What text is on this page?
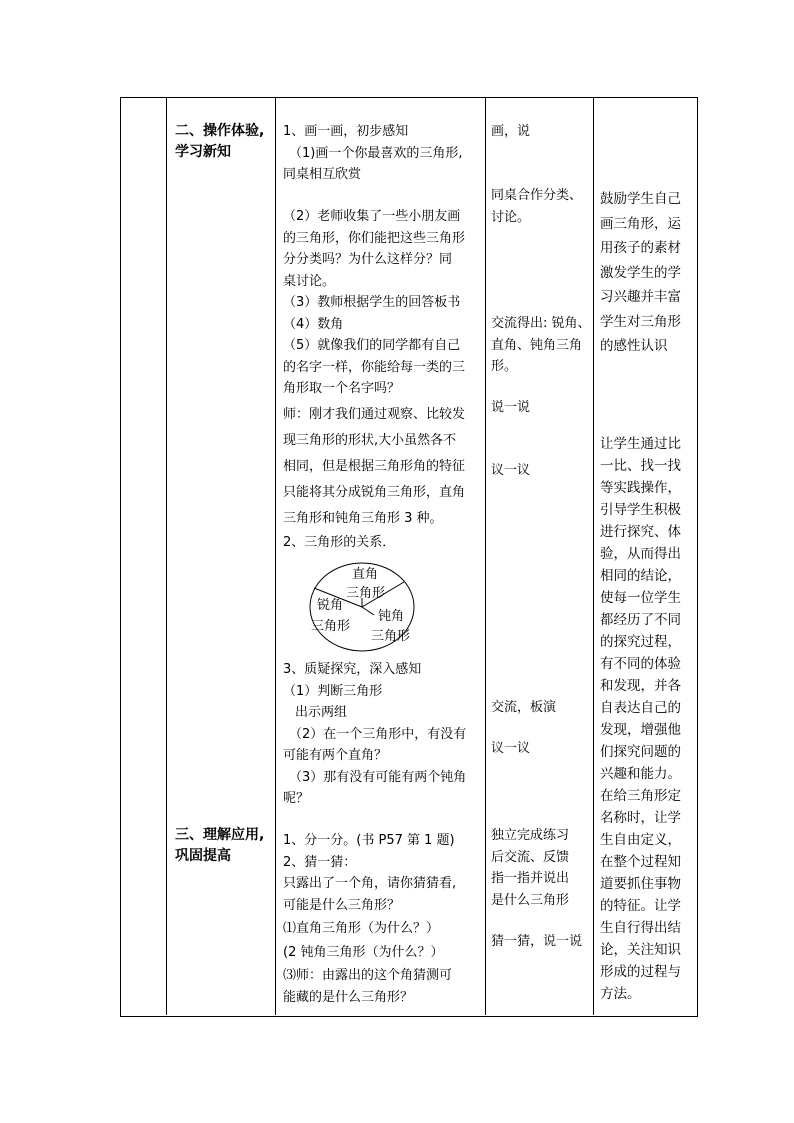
二、操作体验,
学习新知
三、理解应用,
巩固提高
1、画一画，初步感知
（1)画一个你最喜欢的三角形,
同桌相互欣赏
（2）老师收集了一些小朋友画
的三角形，你们能把这些三角形
分分类吗？为什么这样分？同
桌讨论。
（3）教师根据学生的回答板书
（4）数角
（5）就像我们的同学都有自己
的名字一样，你能给每一类的三
角形取一个名字吗？
师：刚才我们通过观察、比较发
现三角形的形状,大小虽然各不
相同，但是根据三角形角的特征
只能将其分成锐角三角形，直角
三角形和钝角三角形 3 种。
2、三角形的关系．
直角
三角形
锐角
三角形
钝角
三角形
3、质疑探究，深入感知
（1）判断三角形
出示两组
（2）在一个三角形中，有没有
可能有两个直角？
（3）那有没有可能有两个钝角
呢？
1、分一分。(书 P57 第 1 题)
2、猜一猜：
只露出了一个角，请你猜猜看,
可能是什么三角形？
⑴直角三角形（为什么？）
(2 钝角三角形（为什么？）
⑶师：由露出的这个角猜测可
能藏的是什么三角形？
画，说
同桌合作分类、
讨论。
交流得出: 锐角、
直角、钝角三角
形。
说一说
议一议
交流，板演
议一议
独立完成练习
后交流、反馈
指一指并说出
是什么三角形
猜一猜，说一说
鼓励学生自己
画三角形，运
用孩子的素材
激发学生的学
习兴趣并丰富
学生对三角形
的感性认识
让学生通过比
一比、找一找
等实践操作，
引导学生积极
进行探究、体
验，从而得出
相同的结论，
使每一位学生
都经历了不同
的探究过程，
有不同的体验
和发现，并各
自表达自己的
发现，增强他
们探究问题的
兴趣和能力。
在给三角形定
名称时，让学
生自由定义，
在整个过程知
道要抓住事物
的特征。让学
生自行得出结
论，关注知识
形成的过程与
方法。
